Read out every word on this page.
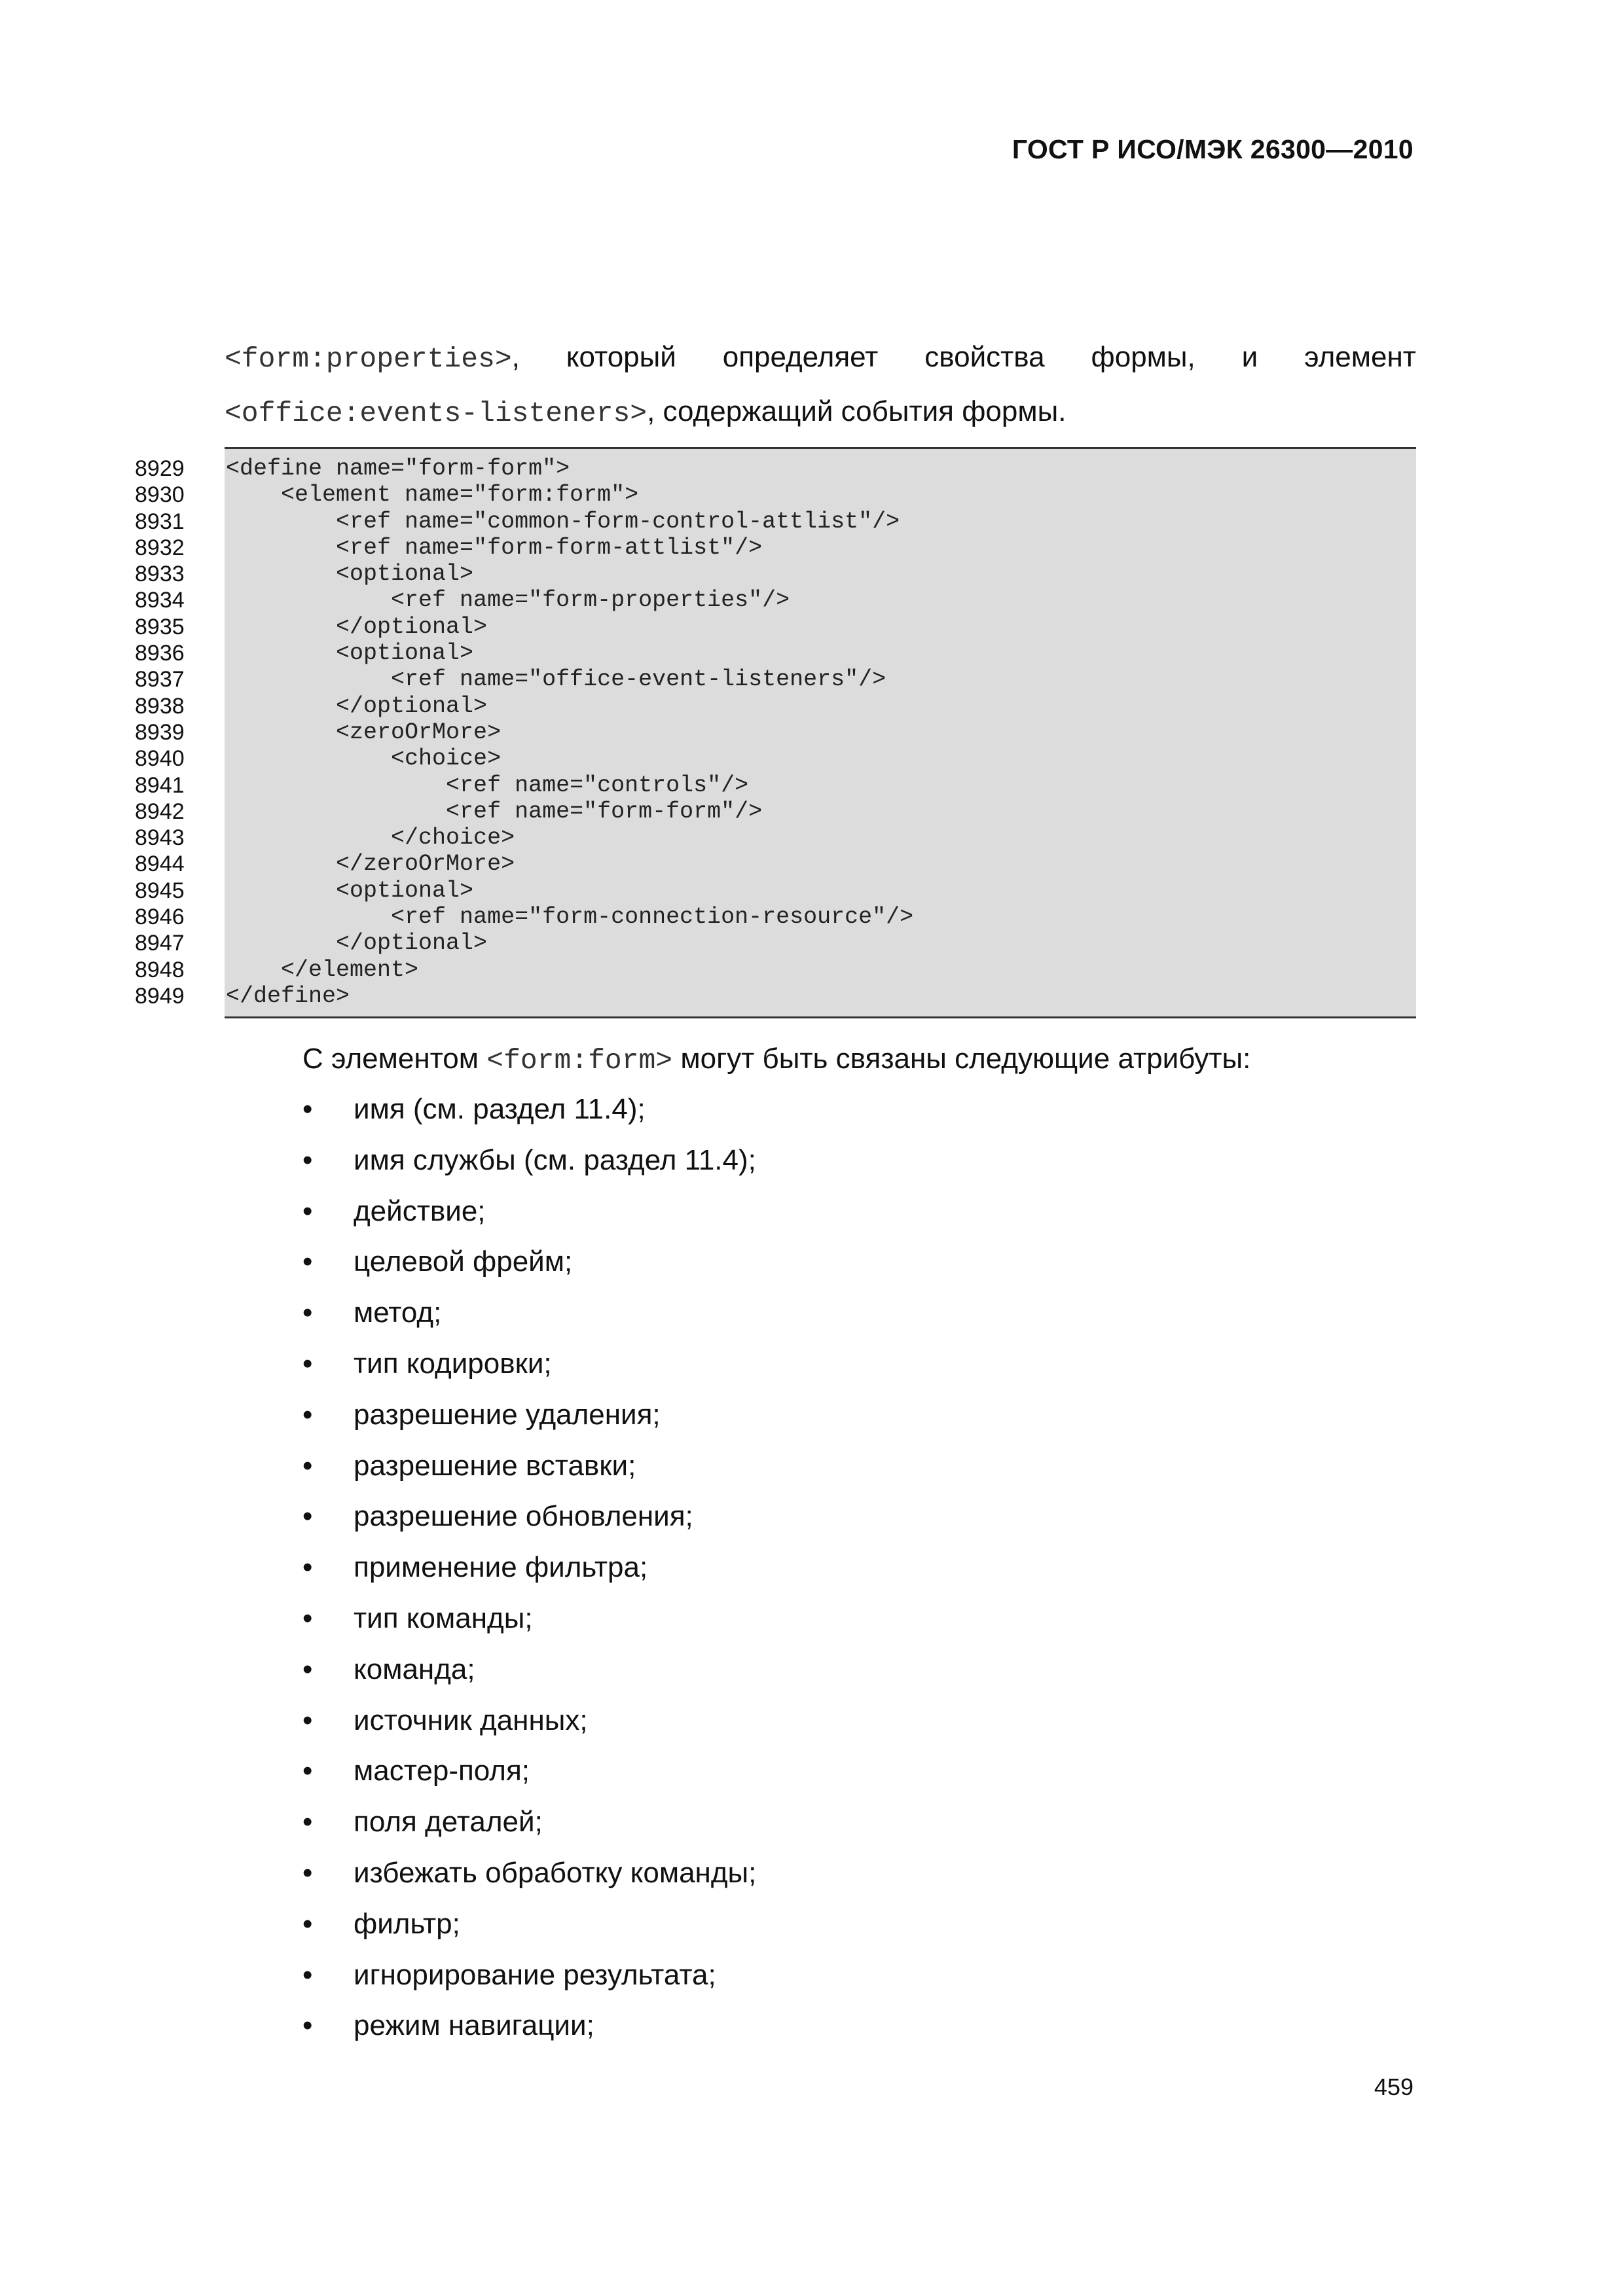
ГОСТ Р ИСО/МЭК 26300—2010
<form:properties>, который определяет свойства формы, и элемент
<office:events-listeners>, содержащий события формы.
8929 <define name="form-form">
8930 <element name="form:form">
8931 <ref name="common-form-control-attlist"/>
8932 <ref name="form-form-attlist"/>
8933 <optional>
8934 <ref name="form-properties"/>
8935 </optional>
8936 <optional>
8937 <ref name="office-event-listeners"/>
8938 </optional>
8939 <zeroOrMore>
8940 <choice>
8941 <ref name="controls"/>
8942 <ref name="form-form"/>
8943 </choice>
8944 </zeroOrMore>
8945 <optional>
8946 <ref name="form-connection-resource"/>
8947 </optional>
8948 </element>
8949 </define>
С элементом <form:form> могут быть связаны следующие атрибуты:
• имя (см. раздел 11.4);
• имя службы (см. раздел 11.4);
• действие;
• целевой фрейм;
• метод;
• тип кодировки;
• разрешение удаления;
• разрешение вставки;
• разрешение обновления;
• применение фильтра;
• тип команды;
• команда;
• источник данных;
• мастер-поля;
• поля деталей;
• избежать обработку команды;
• фильтр;
• игнорирование результата;
• режим навигации;
459
